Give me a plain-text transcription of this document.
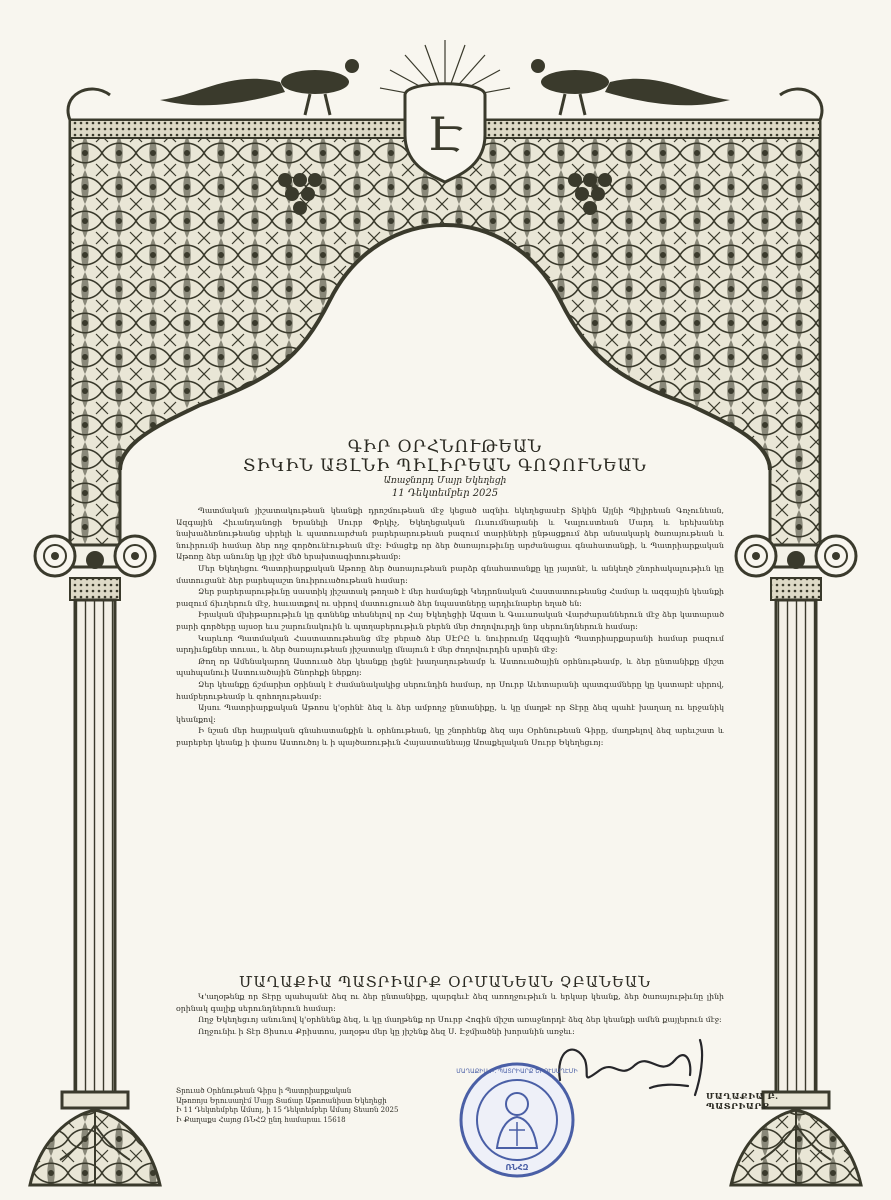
Է
ՄԱՂԱՔԻԱ Բ. ՊԱՏՐԻԱՐՔ ԵՐՈՒՍԱՂԷՄԻ
ՌՆՀԶ
ԳԻՐ ՕՐՀՆՈՒԹԵԱՆ
ՏԻԿԻՆ ԱՅԼՆԻ ՊԻԼԻՐԵԱՆ ԳՈՉՈՒՆԵԱՆ
Առաջնորդ Մայր Եկեղեցի
11 Դեկտեմբեր 2025

Պատմական յիշատակութեան կեանքի դրոշմութեան մէջ կեցած ազնիւ եկեղեցասէր Տիկին Այլնի Պիլիրեան Գոչունեան, Ազգային Հիւանդանոցի Երանելի Սուրբ Փրկիչ, Եկեղեցական Ուսումնարանի և Կալուստեան Մարդ և երեխաներ նախաձեռնութեանց սիրելի և պատուարժան բարերարութեան բազում տարիների ընթացքում ձեր անսակարկ ծառայութեան և նուիրումի համար ձեր ողջ գործունէութեան մէջ: Իմացէք որ ձեր ծառայութիւնը արժանացաւ գնահատանքի, և Պատրիարքական Աթոռը ձեր անունը կը յիշէ մեծ երախտագիտութեամբ:

Մեր Եկեղեցու Պատրիարքական Աթոռը ձեր ծառայութեան բարձր գնահատանքը կը յայտնէ, և անկեղծ շնորհակալութիւն կը մատուցանէ ձեր բարեպաշտ նուիրուածութեան համար:

Ձեր բարերարութիւնը սաստիկ յիշատակ թողած է մեր համայնքի Կեդրոնական Հաստատութեանց Համար և ազգային կեանքի բազում ճիւղերուն մէջ, հաւատքով ու սիրով մատուցուած ձեր նպաստները արդիւնաբեր եղած են:

Իրական մխիթարութիւն կը գտնենք տեսնելով որ Հայ Եկեղեցիի Ազատ և Գաւառական Վարժարաններուն մէջ ձեր կատարած բարի գործերը այսօր եւս շարունակուին և պտղաբերութիւն բերեն մեր ժողովուրդի նոր սերունդներուն համար:

Կարևոր Պատմական Հաստատութեանց մէջ բերած ձեր ՍԷՐԸ և նուիրումը Ազգային Պատրիարքարանի համար բազում արդիւնքներ տուաւ, և ձեր ծառայութեան յիշատակը մնայուն է մեր ժողովուրդին սրտին մէջ:

Թող որ Ամենակարող Աստուած ձեր կեանքը լեցնէ խաղաղութեամբ և Աստուածային օրհնութեամբ, և ձեր ընտանիքը միշտ պահպանուի Աստուածային Շնորհքի ներքոյ:

Ձեր կեանքը ճշմարիտ օրինակ է ժամանակակից սերունդին համար, որ Սուրբ Աւետարանի պատգամները կը կատարէ սիրով, համբերութեամբ և զոհողութեամբ:

Այսու Պատրիարքական Աթոռս կ'օրհնէ ձեզ և ձեր ամբողջ ընտանիքը, և կը մաղթէ որ Տէրը ձեզ պահէ խաղաղ ու երջանիկ կեանքով:

Ի նշան մեր հայրական գնահատանքին և օրհնութեան, կը շնորհենք ձեզ այս Օրհնութեան Գիրը, մաղթելով ձեզ արեւշատ և բարեբեր կեանք ի փառս Աստուծոյ և ի պայծառութիւն Հայաստանեայց Առաքելական Սուրբ Եկեղեցւոյ:

ՄԱՂԱՔԻԱ ՊԱՏՐԻԱՐՔ ՕՐՄԱՆԵԱՆ ՉԲԱՆԵԱՆ

Կ'աղօթենք որ Տէրը պահպանէ ձեզ ու ձեր ընտանիքը, պարգեւէ ձեզ առողջութիւն և երկար կեանք, ձեր ծառայութիւնը լինի օրինակ գալիք սերունդներուն համար:

Ողջ Եկեղեցւոյ անունով կ'օրհնենք ձեզ, և կը մաղթենք որ Սուրբ Հոգին միշտ առաջնորդէ ձեզ ձեր կեանքի ամեն քայլերուն մէջ:

Ողջունիւ ի Տէր Յիսուս Քրիստոս, յաղօթս մեր կը յիշենք ձեզ Ս. Էջմիածնի խորանին առջեւ:

Տրուած Օրհնութեան Գիրս ի Պատրիարքական
Աթոռոյս Երուսաղէմ Մայր Տաճար Աթոռանիստ Եկեղեցի
Ի 11 Դեկտեմբեր Ամսոյ, ի 15 Դեկտեմբեր Ամսոյ Տեառն 2025
Ի Քաղաքս Հայոց ՌՆՀԶ ընդ համարաւ 15618
ՄԱՂԱՔԻԱ Բ. ՊԱՏՐԻԱՐՔ
